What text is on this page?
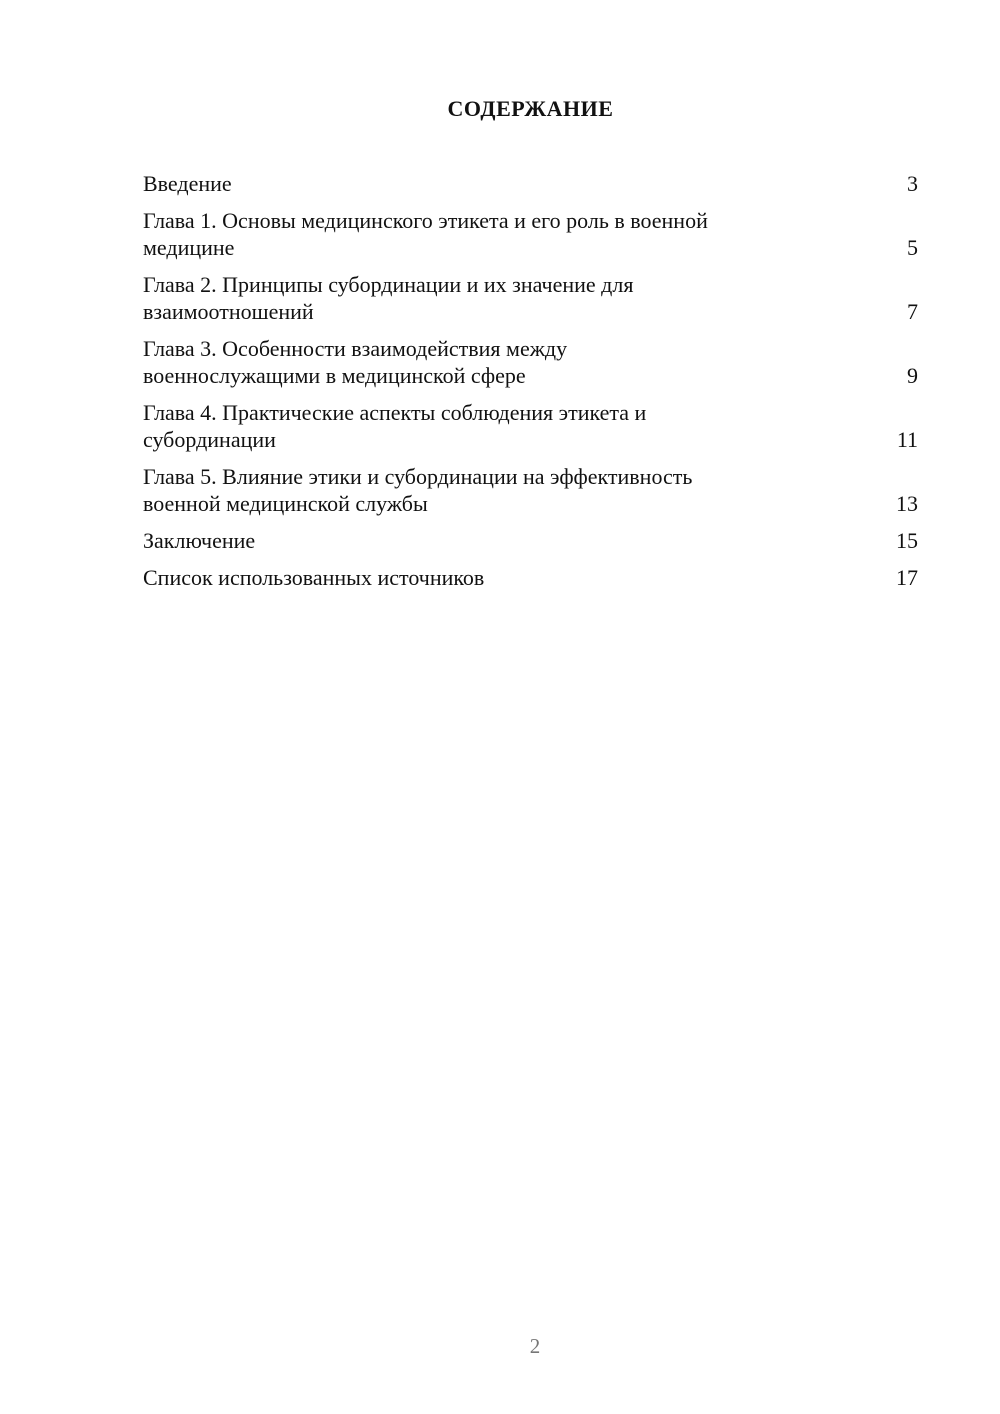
СОДЕРЖАНИЕ
Введение	3
Глава 1. Основы медицинского этикета и его роль в военной
медицине	5
Глава 2. Принципы субординации и их значение для
взаимоотношений	7
Глава 3. Особенности взаимодействия между
военнослужащими в медицинской сфере	9
Глава 4. Практические аспекты соблюдения этикета и
субординации	11
Глава 5. Влияние этики и субординации на эффективность
военной медицинской службы	13
Заключение	15
Список использованных источников	17
2
